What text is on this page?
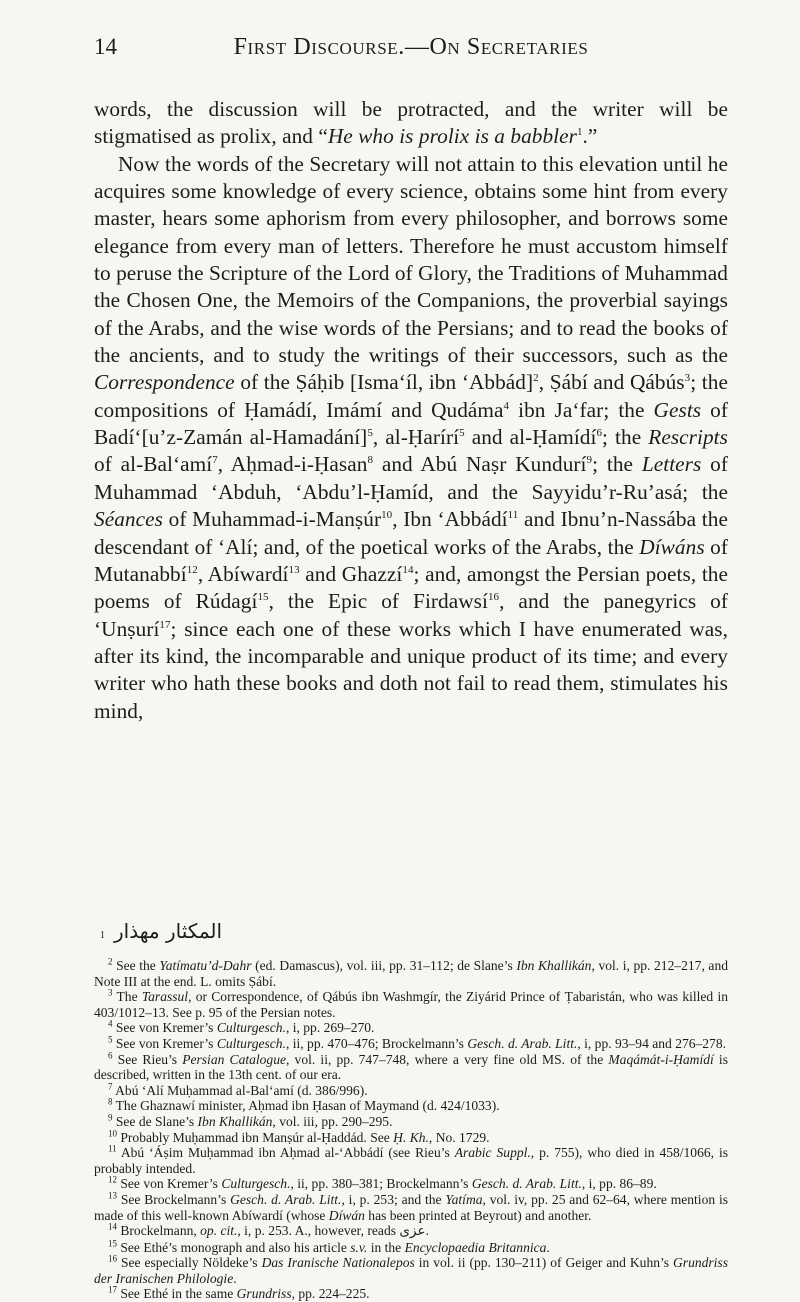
14	First Discourse.—On Secretaries

words, the discussion will be protracted, and the writer will be stigmatised as prolix, and “He who is prolix is a babbler$^1$.”

Now the words of the Secretary will not attain to this elevation until he acquires some knowledge of every science, obtains some hint from every master, hears some aphorism from every philosopher, and borrows some elegance from every man of letters. Therefore he must accustom himself to peruse the Scripture of the Lord of Glory, the Traditions of Muhammad the Chosen One, the Memoirs of the Companions, the proverbial sayings of the Arabs, and the wise words of the Persians; and to read the books of the ancients, and to study the writings of their successors, such as the Correspondence of the Ṣáḥib [Isma‘íl, ibn ‘Abbád]$^2$, Ṣábí and Qábús$^3$; the compositions of Ḥamádí, Imámí and Qudáma$^4$ ibn Ja‘far; the Gests of Badí‘[u’z-Zamán al-Hamadání]$^5$, al-Ḥarírí$^5$ and al-Ḥamídí$^6$; the Rescripts of al-Bal‘amí$^7$, Aḥmad-i-Ḥasan$^8$ and Abú Naṣr Kundurí$^9$; the Letters of Muhammad ‘Abduh, ‘Abdu’l-Ḥamíd, and the Sayyidu’r-Ru’asá; the Séances of Muhammad-i-Manṣúr$^{10}$, Ibn ‘Abbádí$^{11}$ and Ibnu’n-Nassába the descendant of ‘Alí; and, of the poetical works of the Arabs, the Díwáns of Mutanabbí$^{12}$, Abíwardí$^{13}$ and Ghazzí$^{14}$; and, amongst the Persian poets, the poems of Rúdagí$^{15}$, the Epic of Firdawsí$^{16}$, and the panegyrics of ‘Unṣurí$^{17}$; since each one of these works which I have enumerated was, after its kind, the incomparable and unique product of its time; and every writer who hath these books and doth not fail to read them, stimulates his mind,

1 المكثار مهذار

$^2$ See the Yatímatu’d-Dahr (ed. Damascus), vol. iii, pp. 31–112; de Slane’s Ibn Khallikán, vol. i, pp. 212–217, and Note III at the end. L. omits Ṣábí.

$^3$ The Tarassul, or Correspondence, of Qábús ibn Washmgír, the Ziyárid Prince of Ṭabaristán, who was killed in 403/1012–13. See p. 95 of the Persian notes.

$^4$ See von Kremer’s Culturgesch., i, pp. 269–270.

$^5$ See von Kremer’s Culturgesch., ii, pp. 470–476; Brockelmann’s Gesch. d. Arab. Litt., i, pp. 93–94 and 276–278.

$^6$ See Rieu’s Persian Catalogue, vol. ii, pp. 747–748, where a very fine old MS. of the Maqámát-i-Ḥamídí is described, written in the 13th cent. of our era.

$^7$ Abú ‘Alí Muḥammad al-Bal‘amí (d. 386/996).

$^8$ The Ghaznawí minister, Aḥmad ibn Ḥasan of Maymand (d. 424/1033).

$^9$ See de Slane’s Ibn Khallikán, vol. iii, pp. 290–295.

$^{10}$ Probably Muḥammad ibn Manṣúr al-Ḥaddád. See Ḥ. Kh., No. 1729.

$^{11}$ Abú ‘Áṣim Muḥammad ibn Aḥmad al-‘Abbádí (see Rieu’s Arabic Suppl., p. 755), who died in 458/1066, is probably intended.

$^{12}$ See von Kremer’s Culturgesch., ii, pp. 380–381; Brockelmann’s Gesch. d. Arab. Litt., i, pp. 86–89.

$^{13}$ See Brockelmann’s Gesch. d. Arab. Litt., i, p. 253; and the Yatíma, vol. iv, pp. 25 and 62–64, where mention is made of this well-known Abíwardí (whose Díwán has been printed at Beyrout) and another.

$^{14}$ Brockelmann, op. cit., i, p. 253. A., however, reads عزى.

$^{15}$ See Ethé’s monograph and also his article s.v. in the Encyclopaedia Britannica.

$^{16}$ See especially Nöldeke’s Das Iranische Nationalepos in vol. ii (pp. 130–211) of Geiger and Kuhn’s Grundriss der Iranischen Philologie.

$^{17}$ See Ethé in the same Grundriss, pp. 224–225.
